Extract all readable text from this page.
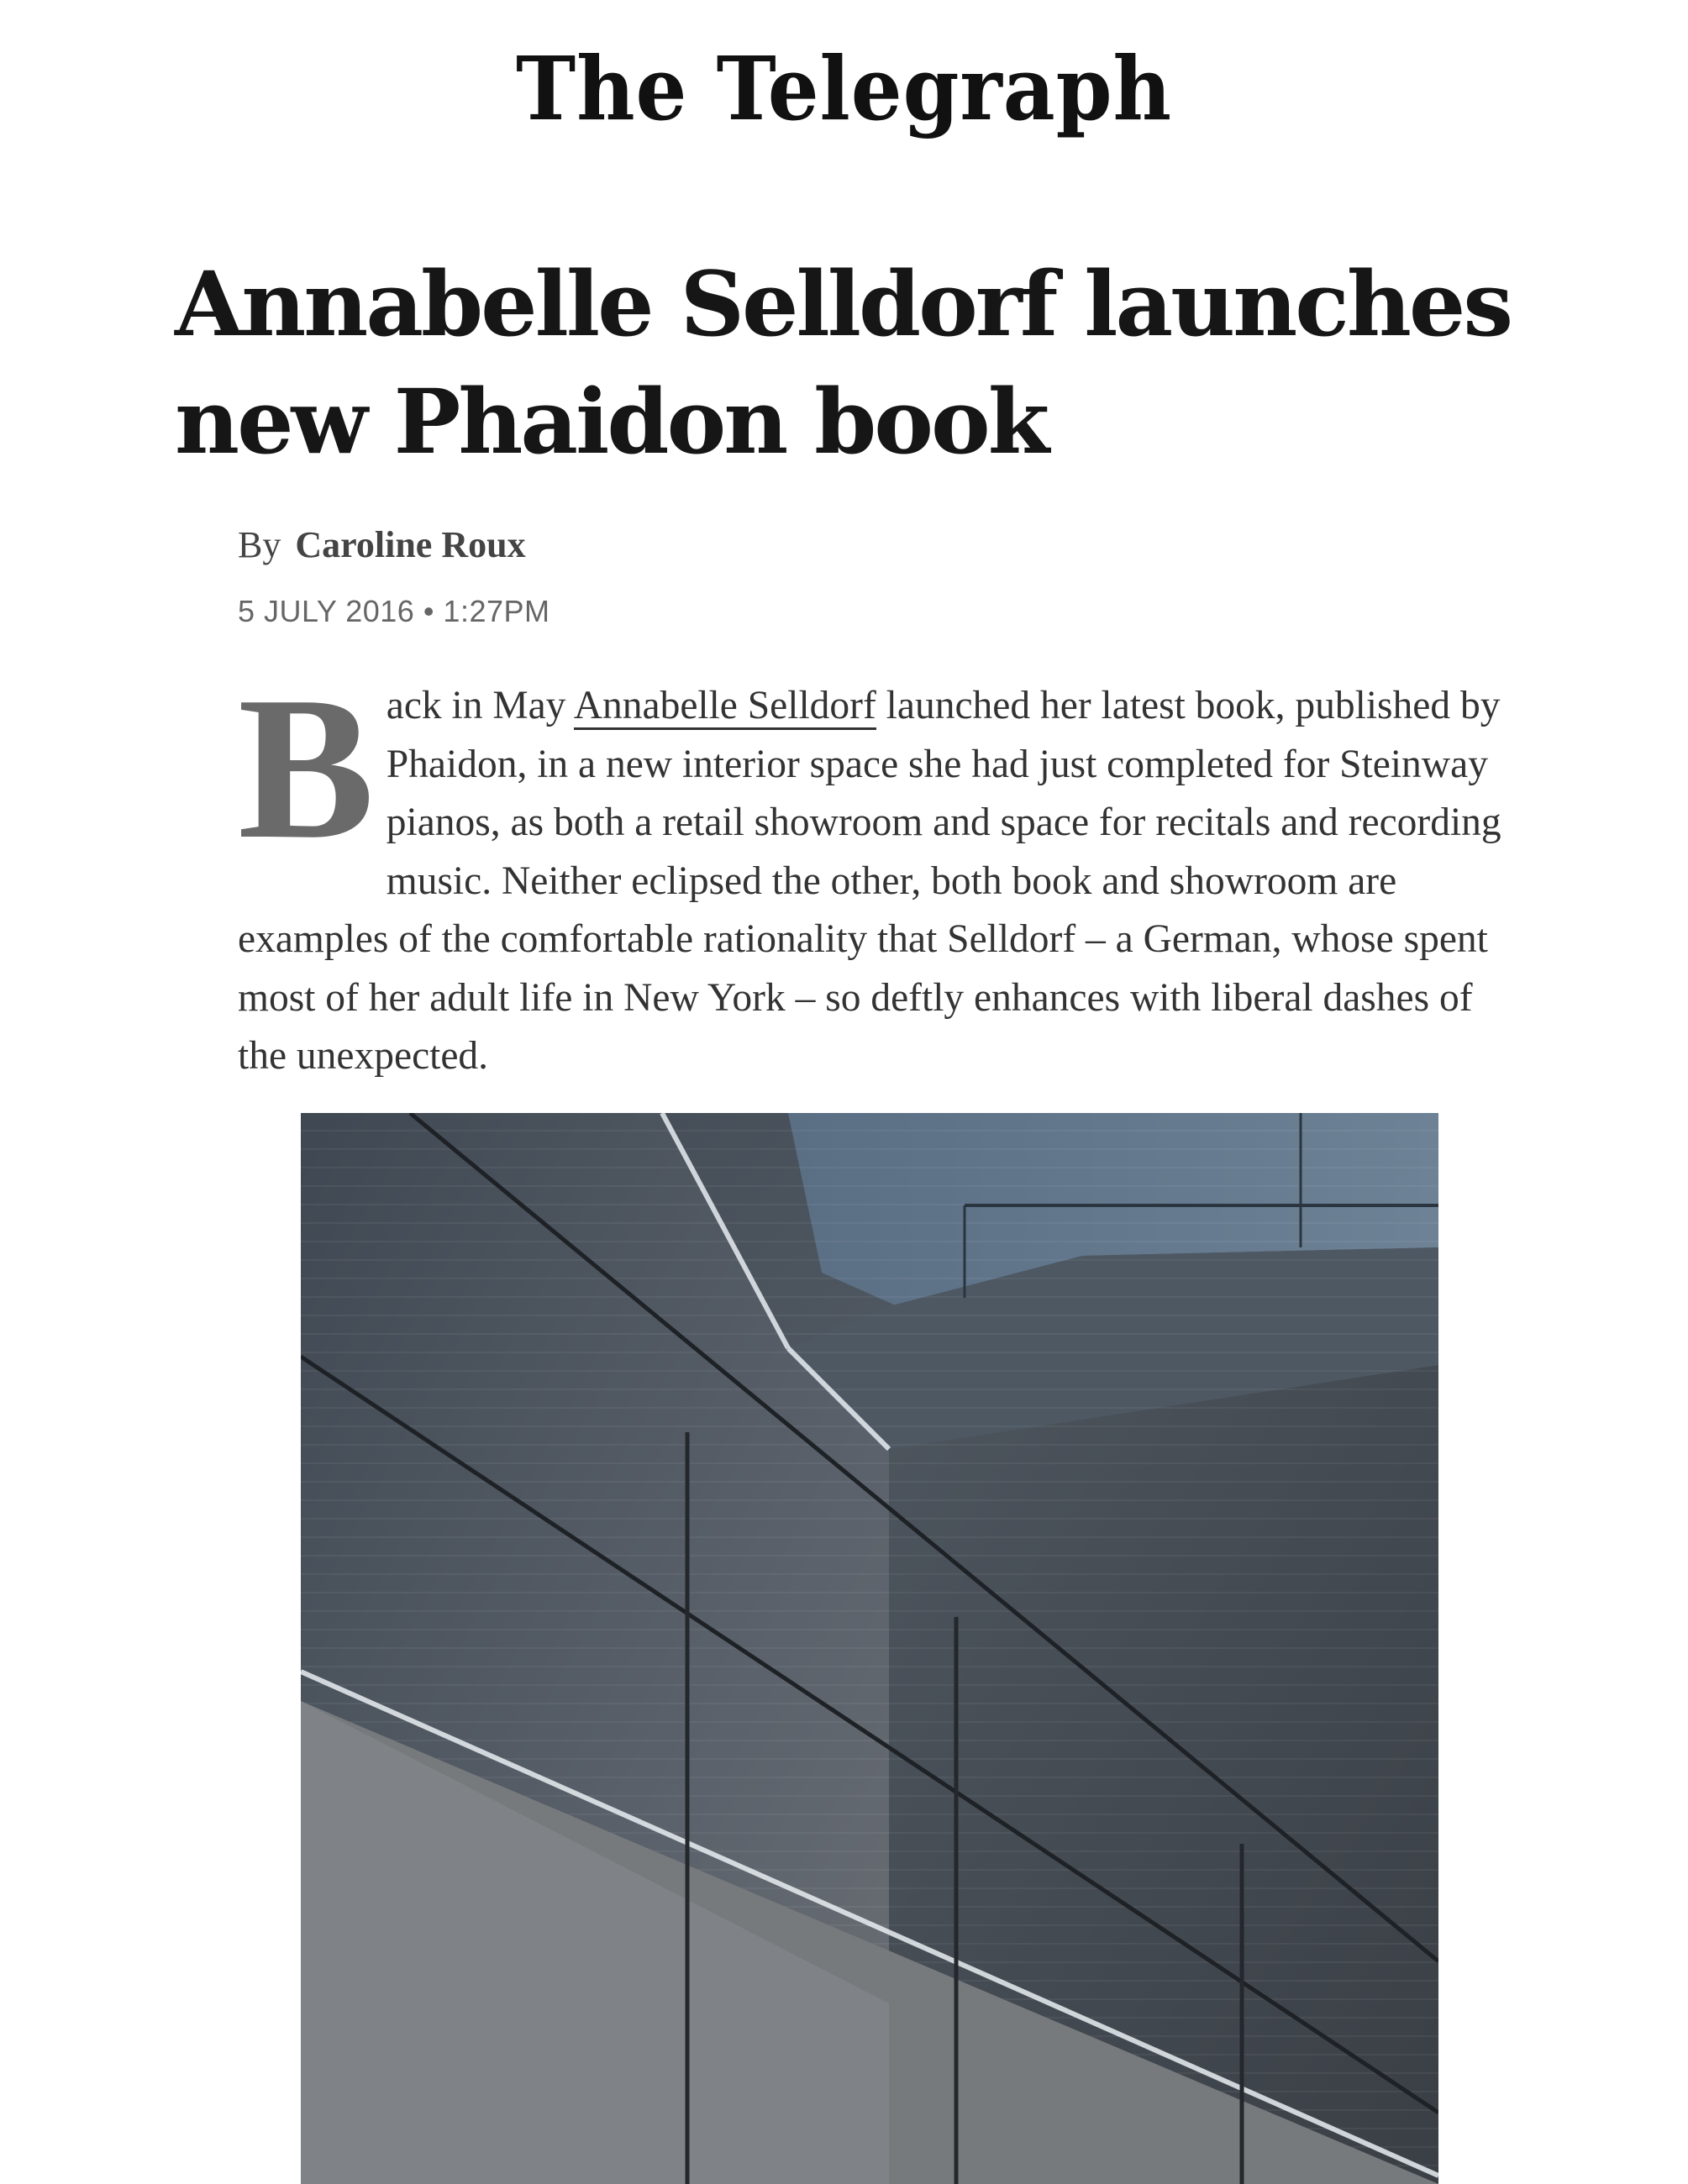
The Telegraph
Annabelle Selldorf launches new Phaidon book
By Caroline Roux
5 JULY 2016 • 1:27PM

Back in May Annabelle Selldorf launched her latest book, published by Phaidon, in a new interior space she had just completed for Steinway pianos, as both a retail showroom and space for recitals and recording music. Neither eclipsed the other, both book and showroom are examples of the comfortable rationality that Selldorf – a German, whose spent most of her adult life in New York – so deftly enhances with liberal dashes of the unexpected.
